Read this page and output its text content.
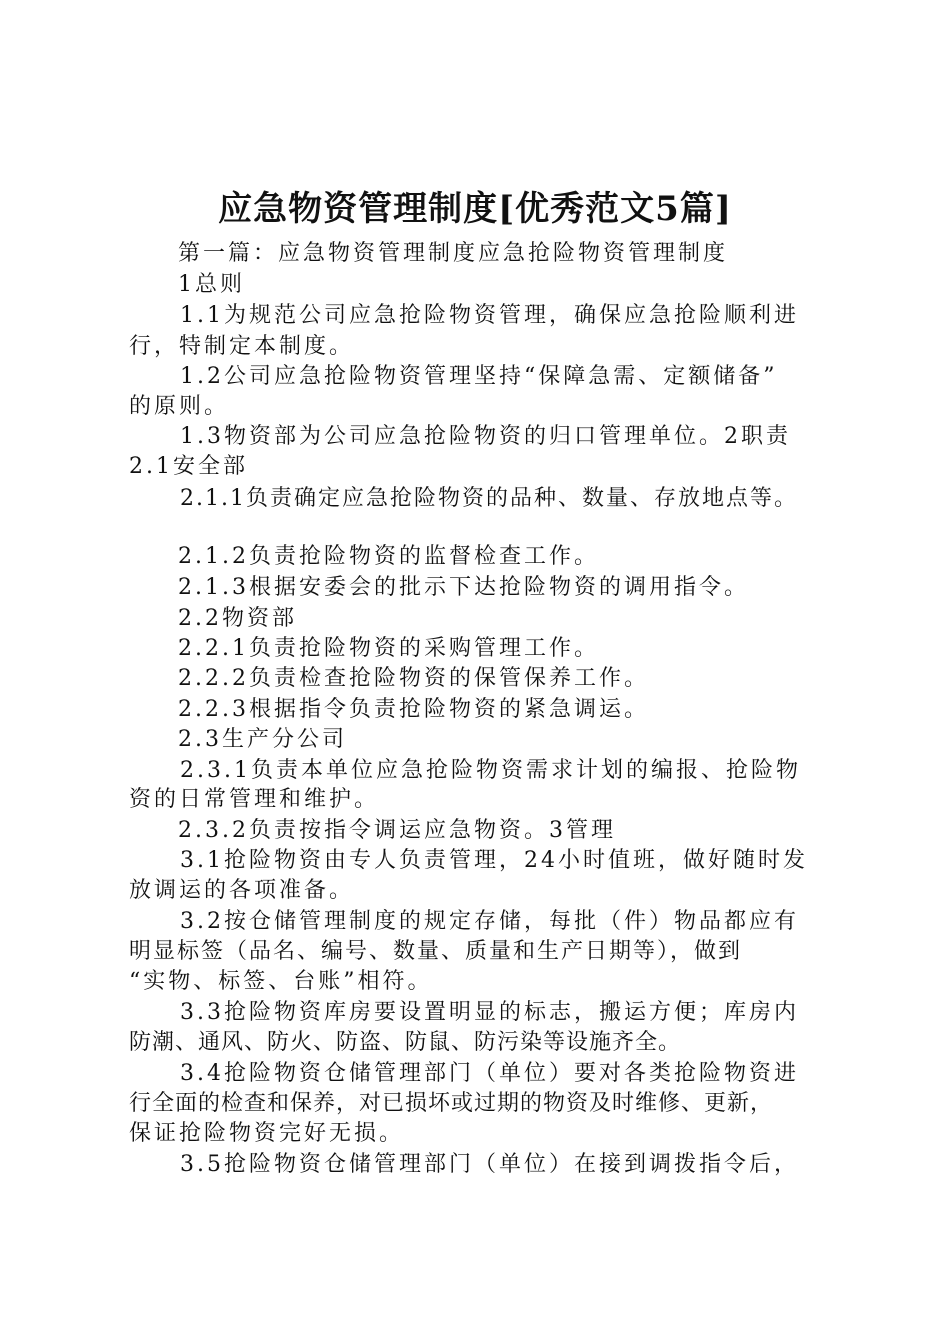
应急物资管理制度[优秀范文5篇]
第一篇：应急物资管理制度应急抢险物资管理制度
1总则
1.1为规范公司应急抢险物资管理，确保应急抢险顺利进
行，特制定本制度。
1.2公司应急抢险物资管理坚持“保障急需、定额储备”
的原则。
1.3物资部为公司应急抢险物资的归口管理单位。2职责
2.1安全部
2.1.1负责确定应急抢险物资的品种、数量、存放地点等。
2.1.2负责抢险物资的监督检查工作。
2.1.3根据安委会的批示下达抢险物资的调用指令。
2.2物资部
2.2.1负责抢险物资的采购管理工作。
2.2.2负责检查抢险物资的保管保养工作。
2.2.3根据指令负责抢险物资的紧急调运。
2.3生产分公司
2.3.1负责本单位应急抢险物资需求计划的编报、抢险物
资的日常管理和维护。
2.3.2负责按指令调运应急物资。3管理
3.1抢险物资由专人负责管理，24小时值班，做好随时发
放调运的各项准备。
3.2按仓储管理制度的规定存储，每批（件）物品都应有
明显标签（品名、编号、数量、质量和生产日期等），做到
“实物、标签、台账”相符。
3.3抢险物资库房要设置明显的标志，搬运方便；库房内
防潮、通风、防火、防盗、防鼠、防污染等设施齐全。
3.4抢险物资仓储管理部门（单位）要对各类抢险物资进
行全面的检查和保养，对已损坏或过期的物资及时维修、更新，
保证抢险物资完好无损。
3.5抢险物资仓储管理部门（单位）在接到调拨指令后，
